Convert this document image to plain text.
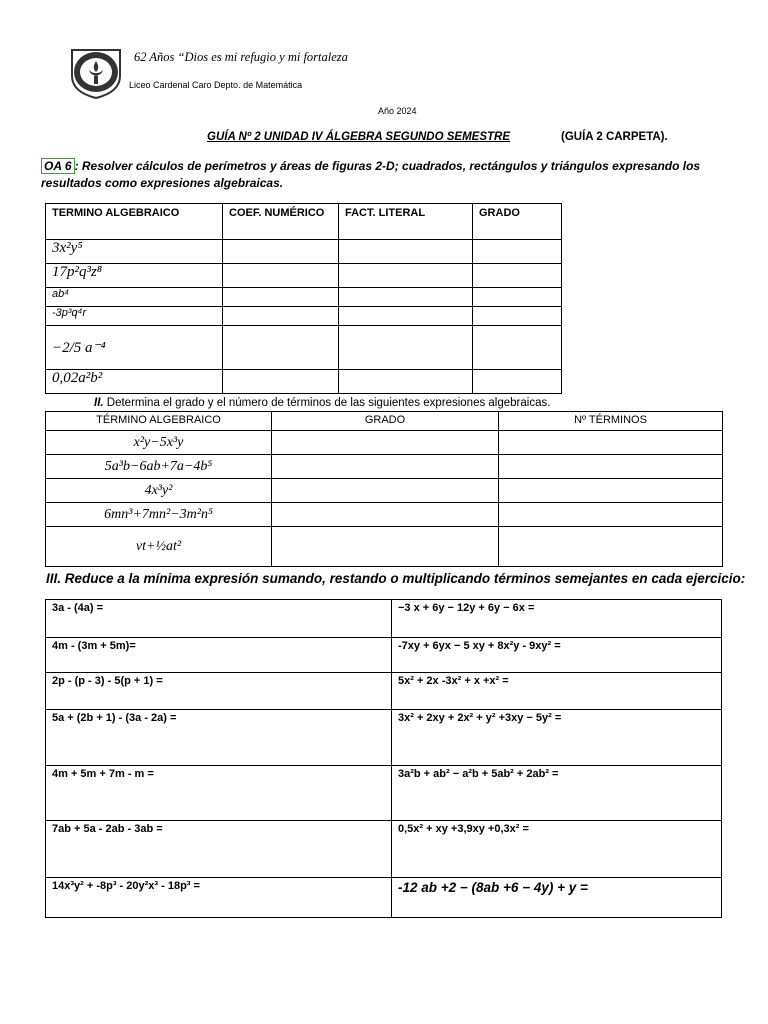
62 Años “Dios es mi refugio y mi fortaleza
Liceo Cardenal Caro Depto. de Matemática
Año 2024
GUÍA Nº 2 UNIDAD IV ÁLGEBRA SEGUNDO SEMESTRE	(GUÍA 2 CARPETA).
OA 6 : Resolver cálculos de perímetros y áreas de figuras 2-D; cuadrados, rectángulos y triángulos expresando los resultados como expresiones algebraicas.
TERMINO ALGEBRAICO	COEF. NUMÉRICO	FACT. LITERAL	GRADO
3x²y⁵			
17p²q³z⁸			
ab⁴			
-3p³q⁴r			
−2/5 a⁻⁴			
0,02a²b²			
II. Determina el grado y el número de términos de las siguientes expresiones algebraicas.
TÉRMINO ALGEBRAICO	GRADO	Nº TÉRMINOS
x²y−5x³y		
5a³b−6ab+7a−4b⁵		
4x³y²		
6mn³+7mn²−3m²n⁵		
vt+½at²		
III. Reduce a la mínima expresión sumando, restando o multiplicando términos semejantes en cada ejercicio:
3a - (4a) =	−3 x + 6y − 12y + 6y − 6x =
4m - (3m + 5m)=	-7xy + 6yx − 5 xy + 8x²y - 9xy² =
2p - (p - 3) - 5(p + 1) =	5x² + 2x -3x² + x +x² =
5a + (2b + 1) - (3a - 2a) =	3x² + 2xy + 2x² + y² +3xy − 5y² =
4m + 5m + 7m - m =	3a²b + ab² − a²b + 5ab² + 2ab² =
7ab + 5a - 2ab - 3ab =	0,5x² + xy +3,9xy +0,3x² =
14x³y² + -8p³ - 20y²x³ - 18p³ =	-12 ab +2 − (8ab +6 − 4y) + y =
